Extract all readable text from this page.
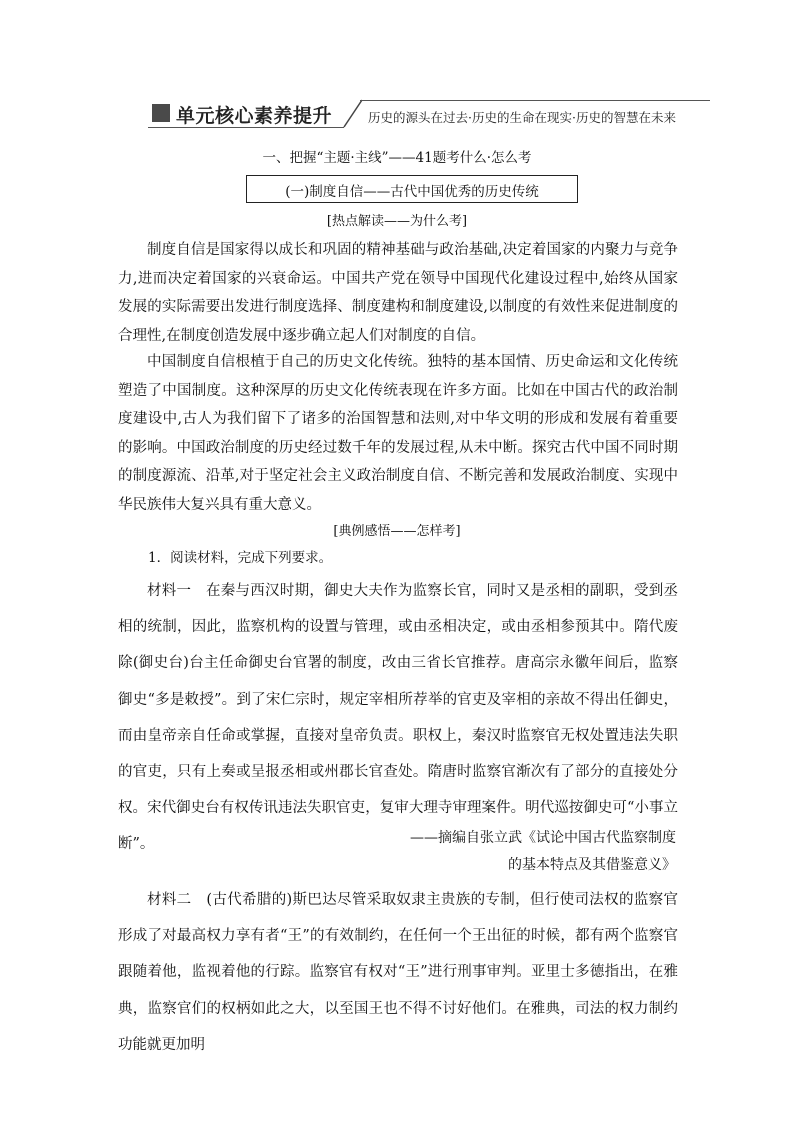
单元核心素养提升	历史的源头在过去·历史的生命在现实·历史的智慧在未来
一、把握“主题·主线”——41题考什么·怎么考
(一)制度自信——古代中国优秀的历史传统
[热点解读——为什么考]

制度自信是国家得以成长和巩固的精神基础与政治基础,决定着国家的内聚力与竞争力,进而决定着国家的兴衰命运。中国共产党在领导中国现代化建设过程中,始终从国家发展的实际需要出发进行制度选择、制度建构和制度建设,以制度的有效性来促进制度的合理性,在制度创造发展中逐步确立起人们对制度的自信。

中国制度自信根植于自己的历史文化传统。独特的基本国情、历史命运和文化传统塑造了中国制度。这种深厚的历史文化传统表现在许多方面。比如在中国古代的政治制度建设中,古人为我们留下了诸多的治国智慧和法则,对中华文明的形成和发展有着重要的影响。中国政治制度的历史经过数千年的发展过程,从未中断。探究古代中国不同时期的制度源流、沿革,对于坚定社会主义政治制度自信、不断完善和发展政治制度、实现中华民族伟大复兴具有重大意义。

[典例感悟——怎样考]
1．阅读材料，完成下列要求。

材料一　在秦与西汉时期，御史大夫作为监察长官，同时又是丞相的副职，受到丞相的统制，因此，监察机构的设置与管理，或由丞相决定，或由丞相参预其中。隋代废除(御史台)台主任命御史台官署的制度，改由三省长官推荐。唐高宗永徽年间后，监察御史“多是敕授”。到了宋仁宗时，规定宰相所荐举的官吏及宰相的亲故不得出任御史，而由皇帝亲自任命或掌握，直接对皇帝负责。职权上，秦汉时监察官无权处置违法失职的官吏，只有上奏或呈报丞相或州郡长官查处。隋唐时监察官渐次有了部分的直接处分权。宋代御史台有权传讯违法失职官吏，复审大理寺审理案件。明代巡按御史可“小事立断”。	——摘编自张立武《试论中国古代监察制度
的基本特点及其借鉴意义》

材料二　(古代希腊的)斯巴达尽管采取奴隶主贵族的专制，但行使司法权的监察官形成了对最高权力享有者“王”的有效制约，在任何一个王出征的时候，都有两个监察官跟随着他，监视着他的行踪。监察官有权对“王”进行刑事审判。亚里士多德指出，在雅典，监察官们的权柄如此之大，以至国王也不得不讨好他们。在雅典，司法的权力制约功能就更加明
